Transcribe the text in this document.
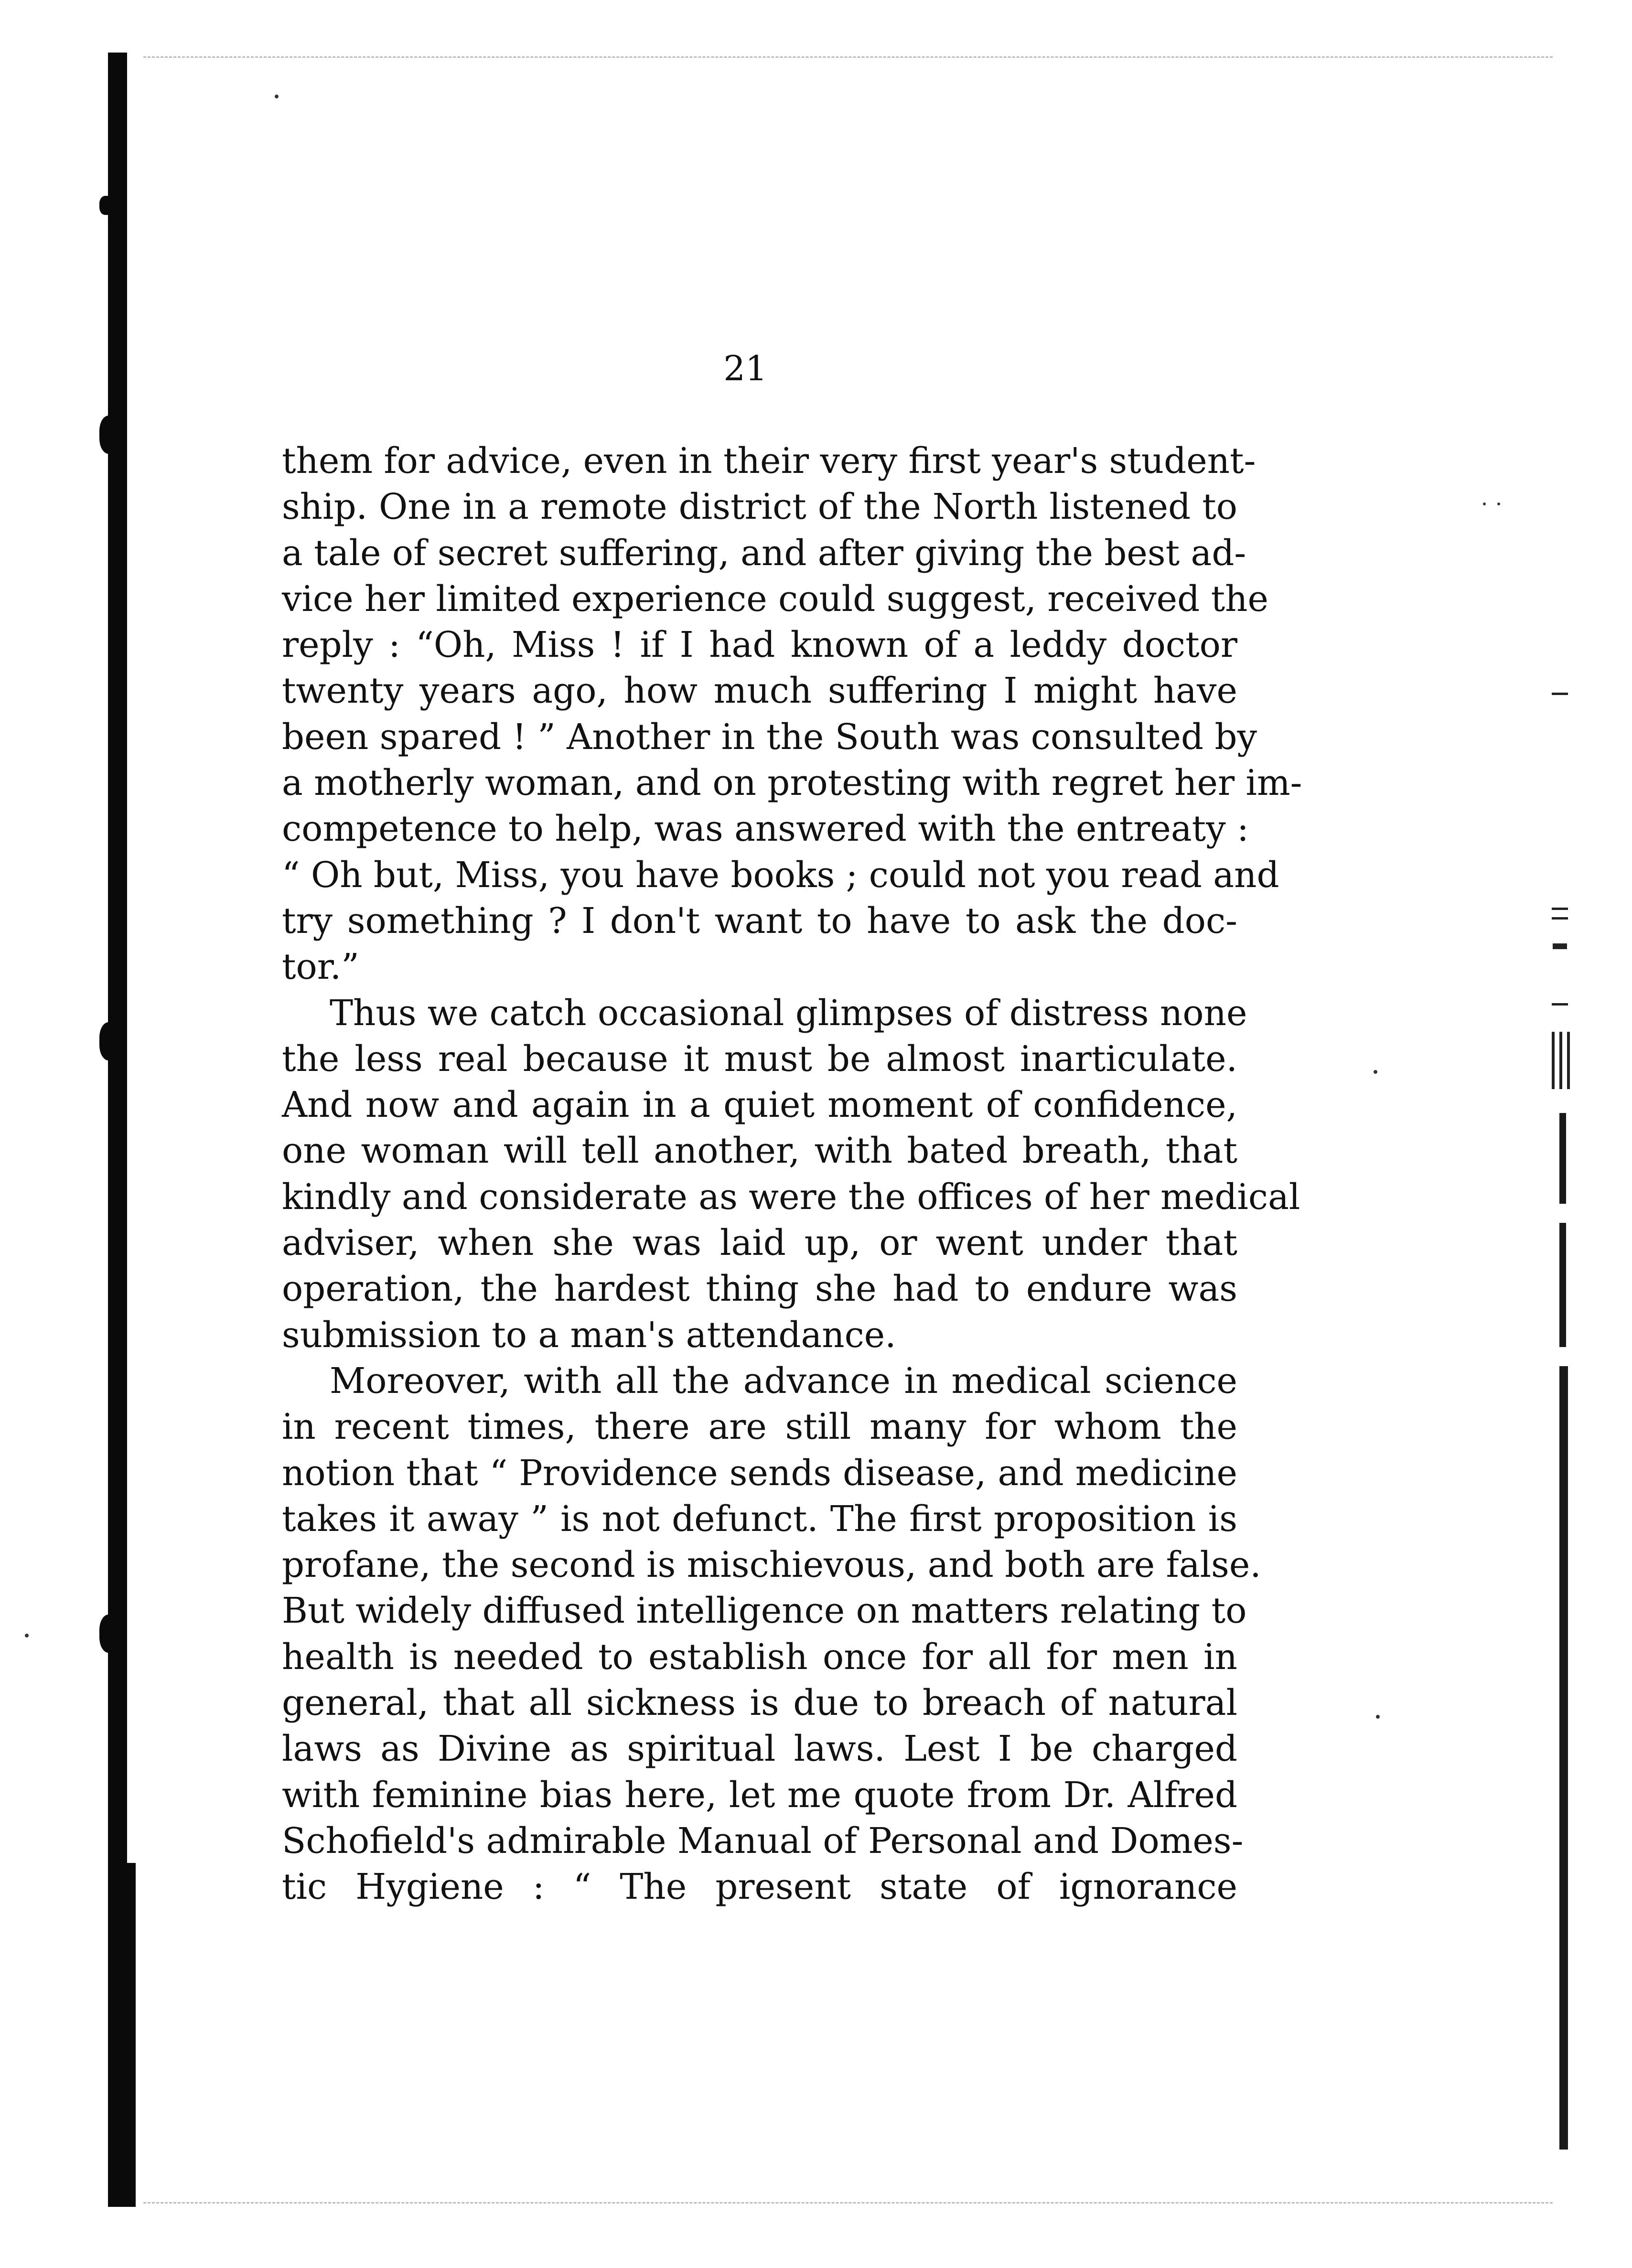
21
them for advice, even in their very first year's student-
ship. One in a remote district of the North listened to
a tale of secret suffering, and after giving the best ad-
vice her limited experience could suggest, received the
reply : “Oh, Miss ! if I had known of a leddy doctor
twenty years ago, how much suffering I might have
been spared ! ” Another in the South was consulted by
a motherly woman, and on protesting with regret her im-
competence to help, was answered with the entreaty :
“ Oh but, Miss, you have books ; could not you read and
try something ? I don't want to have to ask the doc-
tor.”
Thus we catch occasional glimpses of distress none
the less real because it must be almost inarticulate.
And now and again in a quiet moment of confidence,
one woman will tell another, with bated breath, that
kindly and considerate as were the offices of her medical
adviser, when she was laid up, or went under that
operation, the hardest thing she had to endure was
submission to a man's attendance.
Moreover, with all the advance in medical science
in recent times, there are still many for whom the
notion that “ Providence sends disease, and medicine
takes it away ” is not defunct. The first proposition is
profane, the second is mischievous, and both are false.
But widely diffused intelligence on matters relating to
health is needed to establish once for all for men in
general, that all sickness is due to breach of natural
laws as Divine as spiritual laws. Lest I be charged
with feminine bias here, let me quote from Dr. Alfred
Schofield's admirable Manual of Personal and Domes-
tic Hygiene : “ The present state of ignorance
